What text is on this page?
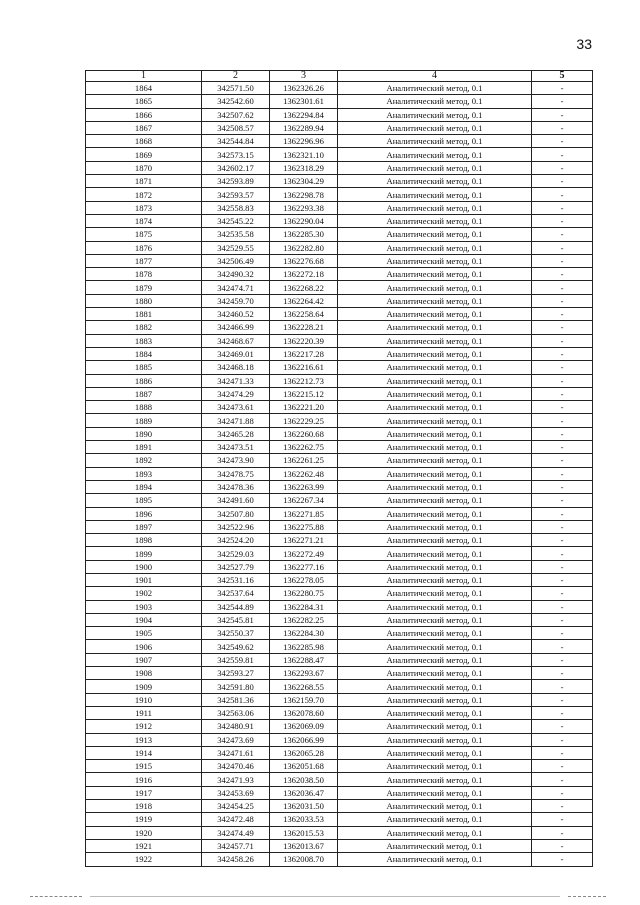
33
1	2	3	4	5
1864	342571.50	1362326.26	Аналитический метод, 0.1	-
1865	342542.60	1362301.61	Аналитический метод, 0.1	-
1866	342507.62	1362294.84	Аналитический метод, 0.1	-
1867	342508.57	1362289.94	Аналитический метод, 0.1	-
1868	342544.84	1362296.96	Аналитический метод, 0.1	-
1869	342573.15	1362321.10	Аналитический метод, 0.1	-
1870	342602.17	1362318.29	Аналитический метод, 0.1	-
1871	342593.89	1362304.29	Аналитический метод, 0.1	-
1872	342593.57	1362298.78	Аналитический метод, 0.1	-
1873	342558.83	1362293.38	Аналитический метод, 0.1	-
1874	342545.22	1362290.04	Аналитический метод, 0.1	-
1875	342535.58	1362285.30	Аналитический метод, 0.1	-
1876	342529.55	1362282.80	Аналитический метод, 0.1	-
1877	342506.49	1362276.68	Аналитический метод, 0.1	-
1878	342490.32	1362272.18	Аналитический метод, 0.1	-
1879	342474.71	1362268.22	Аналитический метод, 0.1	-
1880	342459.70	1362264.42	Аналитический метод, 0.1	-
1881	342460.52	1362258.64	Аналитический метод, 0.1	-
1882	342466.99	1362228.21	Аналитический метод, 0.1	-
1883	342468.67	1362220.39	Аналитический метод, 0.1	-
1884	342469.01	1362217.28	Аналитический метод, 0.1	-
1885	342468.18	1362216.61	Аналитический метод, 0.1	-
1886	342471.33	1362212.73	Аналитический метод, 0.1	-
1887	342474.29	1362215.12	Аналитический метод, 0.1	-
1888	342473.61	1362221.20	Аналитический метод, 0.1	-
1889	342471.88	1362229.25	Аналитический метод, 0.1	-
1890	342465.28	1362260.68	Аналитический метод, 0.1	-
1891	342473.51	1362262.75	Аналитический метод, 0.1	-
1892	342473.90	1362261.25	Аналитический метод, 0.1	-
1893	342478.75	1362262.48	Аналитический метод, 0.1	-
1894	342478.36	1362263.99	Аналитический метод, 0.1	-
1895	342491.60	1362267.34	Аналитический метод, 0.1	-
1896	342507.80	1362271.85	Аналитический метод, 0.1	-
1897	342522.96	1362275.88	Аналитический метод, 0.1	-
1898	342524.20	1362271.21	Аналитический метод, 0.1	-
1899	342529.03	1362272.49	Аналитический метод, 0.1	-
1900	342527.79	1362277.16	Аналитический метод, 0.1	-
1901	342531.16	1362278.05	Аналитический метод, 0.1	-
1902	342537.64	1362280.75	Аналитический метод, 0.1	-
1903	342544.89	1362284.31	Аналитический метод, 0.1	-
1904	342545.81	1362282.25	Аналитический метод, 0.1	-
1905	342550.37	1362284.30	Аналитический метод, 0.1	-
1906	342549.62	1362285.98	Аналитический метод, 0.1	-
1907	342559.81	1362288.47	Аналитический метод, 0.1	-
1908	342593.27	1362293.67	Аналитический метод, 0.1	-
1909	342591.80	1362268.55	Аналитический метод, 0.1	-
1910	342581.36	1362159.70	Аналитический метод, 0.1	-
1911	342563.06	1362078.60	Аналитический метод, 0.1	-
1912	342480.91	1362069.09	Аналитический метод, 0.1	-
1913	342473.69	1362066.99	Аналитический метод, 0.1	-
1914	342471.61	1362065.28	Аналитический метод, 0.1	-
1915	342470.46	1362051.68	Аналитический метод, 0.1	-
1916	342471.93	1362038.50	Аналитический метод, 0.1	-
1917	342453.69	1362036.47	Аналитический метод, 0.1	-
1918	342454.25	1362031.50	Аналитический метод, 0.1	-
1919	342472.48	1362033.53	Аналитический метод, 0.1	-
1920	342474.49	1362015.53	Аналитический метод, 0.1	-
1921	342457.71	1362013.67	Аналитический метод, 0.1	-
1922	342458.26	1362008.70	Аналитический метод, 0.1	-
